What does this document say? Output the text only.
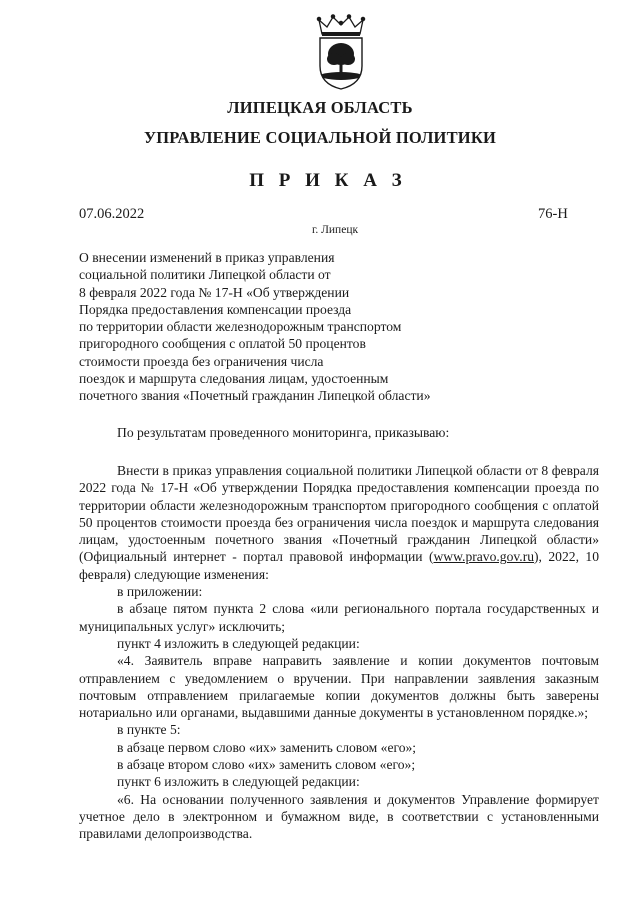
ЛИПЕЦКАЯ ОБЛАСТЬ
УПРАВЛЕНИЕ СОЦИАЛЬНОЙ ПОЛИТИКИ
П Р И К А З
07.06.2022	76-Н
г. Липецк
О внесении изменений в приказ управления
социальной политики Липецкой области от
8 февраля 2022 года № 17-Н «Об утверждении
Порядка предоставления компенсации проезда
по территории области железнодорожным транспортом
пригородного сообщения с оплатой 50 процентов
стоимости проезда без ограничения числа
поездок и маршрута следования лицам, удостоенным
почетного звания «Почетный гражданин Липецкой области»
По результатам проведенного мониторинга, приказываю:
Внести в приказ управления социальной политики Липецкой области от 8 февраля 2022 года № 17-Н «Об утверждении Порядка предоставления компенсации проезда по территории области железнодорожным транспортом пригородного сообщения с оплатой 50 процентов стоимости проезда без ограничения числа поездок и маршрута следования лицам, удостоенным почетного звания «Почетный гражданин Липецкой области» (Официальный интернет - портал правовой информации (www.pravo.gov.ru), 2022, 10 февраля) следующие изменения:
в приложении:
в абзаце пятом пункта 2 слова «или регионального портала государственных и муниципальных услуг» исключить;
пункт 4 изложить в следующей редакции:
«4. Заявитель вправе направить заявление и копии документов почтовым отправлением с уведомлением о вручении. При направлении заявления заказным почтовым отправлением прилагаемые копии документов должны быть заверены нотариально или органами, выдавшими данные документы в установленном порядке.»;
в пункте 5:
в абзаце первом слово «их» заменить словом «его»;
в абзаце втором слово «их» заменить словом «его»;
пункт 6 изложить в следующей редакции:
«6. На основании полученного заявления и документов Управление формирует учетное дело в электронном и бумажном виде, в соответствии с установленными правилами делопроизводства.
